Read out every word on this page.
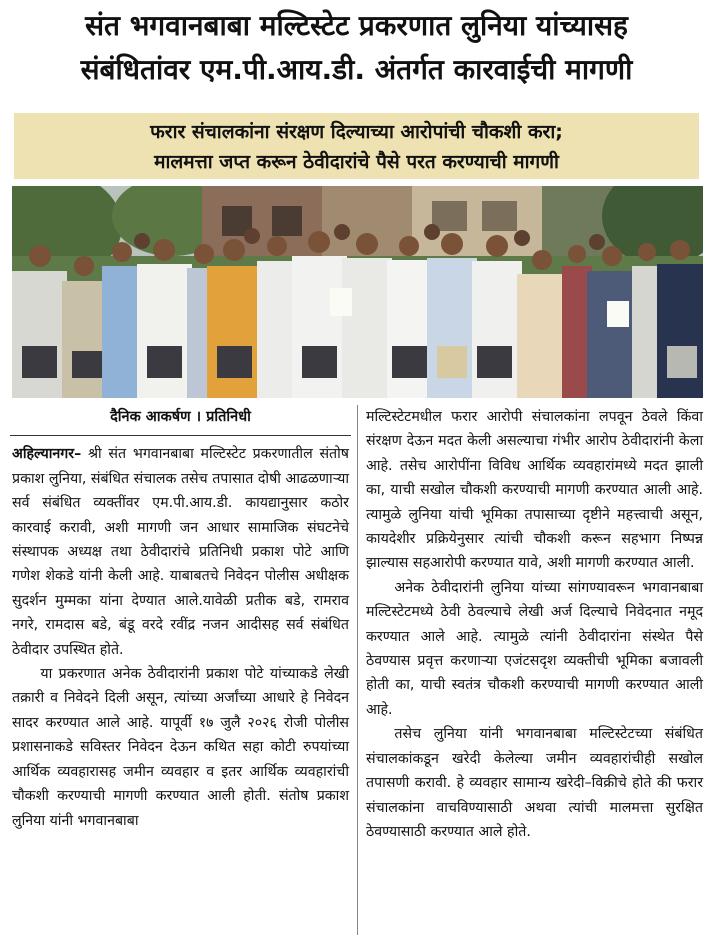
संत भगवानबाबा मल्टिस्टेट प्रकरणात लुनिया यांच्यासह
संबंधितांवर एम.पी.आय.डी. अंतर्गत कारवाईची मागणी
फरार संचालकांना संरक्षण दिल्याच्या आरोपांची चौकशी करा;
मालमत्ता जप्त करून ठेवीदारांचे पैसे परत करण्याची मागणी
दैनिक आकर्षण । प्रतिनिधी

अहिल्यानगर– श्री संत भगवानबाबा मल्टिस्टेट प्रकरणातील संतोष प्रकाश लुनिया, संबंधित संचालक तसेच तपासात दोषी आढळणाऱ्या सर्व संबंधित व्यक्तींवर एम.पी.आय.डी. कायद्यानुसार कठोर कारवाई करावी, अशी मागणी जन आधार सामाजिक संघटनेचे संस्थापक अध्यक्ष तथा ठेवीदारांचे प्रतिनिधी प्रकाश पोटे आणि गणेश शेकडे यांनी केली आहे. याबाबतचे निवेदन पोलीस अधीक्षक सुदर्शन मुम्मका यांना देण्यात आले.यावेळी प्रतीक बडे, रामराव नगरे, रामदास बडे, बंडू वरदे रवींद्र नजन आदीसह सर्व संबंधित ठेवीदार उपस्थित होते.

या प्रकरणात अनेक ठेवीदारांनी प्रकाश पोटे यांच्याकडे लेखी तक्रारी व निवेदने दिली असून, त्यांच्या अर्जांच्या आधारे हे निवेदन सादर करण्यात आले आहे. यापूर्वी १७ जुलै २०२६ रोजी पोलीस प्रशासनाकडे सविस्तर निवेदन देऊन कथित सहा कोटी रुपयांच्या आर्थिक व्यवहारासह जमीन व्यवहार व इतर आर्थिक व्यवहारांची चौकशी करण्याची मागणी करण्यात आली होती. संतोष प्रकाश लुनिया यांनी भगवानबाबा

मल्टिस्टेटमधील फरार आरोपी संचालकांना लपवून ठेवले किंवा संरक्षण देऊन मदत केली असल्याचा गंभीर आरोप ठेवीदारांनी केला आहे. तसेच आरोपींना विविध आर्थिक व्यवहारांमध्ये मदत झाली का, याची सखोल चौकशी करण्याची मागणी करण्यात आली आहे. त्यामुळे लुनिया यांची भूमिका तपासाच्या दृष्टीने महत्त्वाची असून, कायदेशीर प्रक्रियेनुसार त्यांची चौकशी करून सहभाग निष्पन्न झाल्यास सहआरोपी करण्यात यावे, अशी मागणी करण्यात आली.

अनेक ठेवीदारांनी लुनिया यांच्या सांगण्यावरून भगवानबाबा मल्टिस्टेटमध्ये ठेवी ठेवल्याचे लेखी अर्ज दिल्याचे निवेदनात नमूद करण्यात आले आहे. त्यामुळे त्यांनी ठेवीदारांना संस्थेत पैसे ठेवण्यास प्रवृत्त करणाऱ्या एजंटसदृश व्यक्तीची भूमिका बजावली होती का, याची स्वतंत्र चौकशी करण्याची मागणी करण्यात आली आहे.

तसेच लुनिया यांनी भगवानबाबा मल्टिस्टेटच्या संबंधित संचालकांकडून खरेदी केलेल्या जमीन व्यवहारांचीही सखोल तपासणी करावी. हे व्यवहार सामान्य खरेदी–विक्रीचे होते की फरार संचालकांना वाचविण्यासाठी अथवा त्यांची मालमत्ता सुरक्षित ठेवण्यासाठी करण्यात आले होते.
